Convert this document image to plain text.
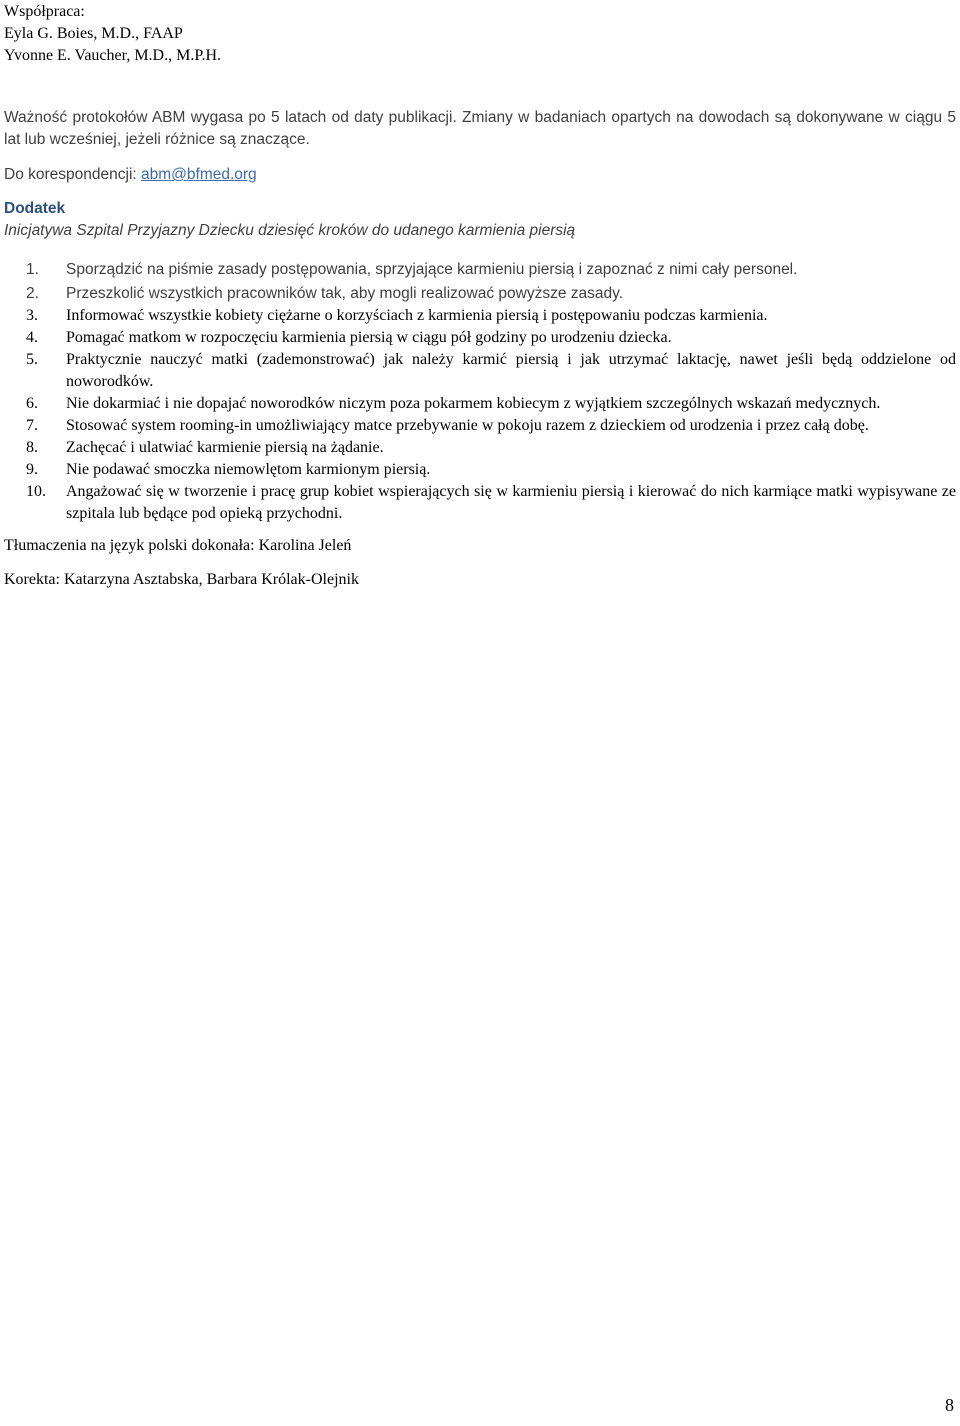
Współpraca:
Eyla G. Boies, M.D., FAAP
Yvonne E. Vaucher, M.D., M.P.H.
Ważność protokołów ABM wygasa po 5 latach od daty publikacji. Zmiany w badaniach opartych na dowodach są dokonywane w ciągu 5 lat lub wcześniej, jeżeli różnice są znaczące.
Do korespondencji: abm@bfmed.org
Dodatek
Inicjatywa Szpital Przyjazny Dziecku dziesięć kroków do udanego karmienia piersią
1.	Sporządzić na piśmie zasady postępowania, sprzyjające karmieniu piersią i zapoznać z nimi cały personel.
2.	Przeszkolić wszystkich pracowników tak, aby mogli realizować powyższe zasady.
3.	Informować wszystkie kobiety ciężarne o korzyściach z karmienia piersią i postępowaniu podczas karmienia.
4.	Pomagać matkom w rozpoczęciu karmienia piersią w ciągu pół godziny po urodzeniu dziecka.
5.	Praktycznie nauczyć matki (zademonstrować) jak należy karmić piersią i jak utrzymać laktację, nawet jeśli będą oddzielone od noworodków.
6.	Nie dokarmiać i nie dopajać noworodków niczym poza pokarmem kobiecym z wyjątkiem szczególnych wskazań medycznych.
7.	Stosować system rooming-in umożliwiający matce przebywanie w pokoju razem z dzieckiem od urodzenia i przez całą dobę.
8.	Zachęcać i ulatwiać karmienie piersią na żądanie.
9.	Nie podawać smoczka niemowlętom karmionym piersią.
10.	Angażować się w tworzenie i pracę grup kobiet wspierających się w karmieniu piersią i kierować do nich karmiące matki wypisywane ze szpitala lub będące pod opieką przychodni.
Tłumaczenia na język polski dokonała: Karolina Jeleń
Korekta: Katarzyna Asztabska, Barbara Królak-Olejnik
8
